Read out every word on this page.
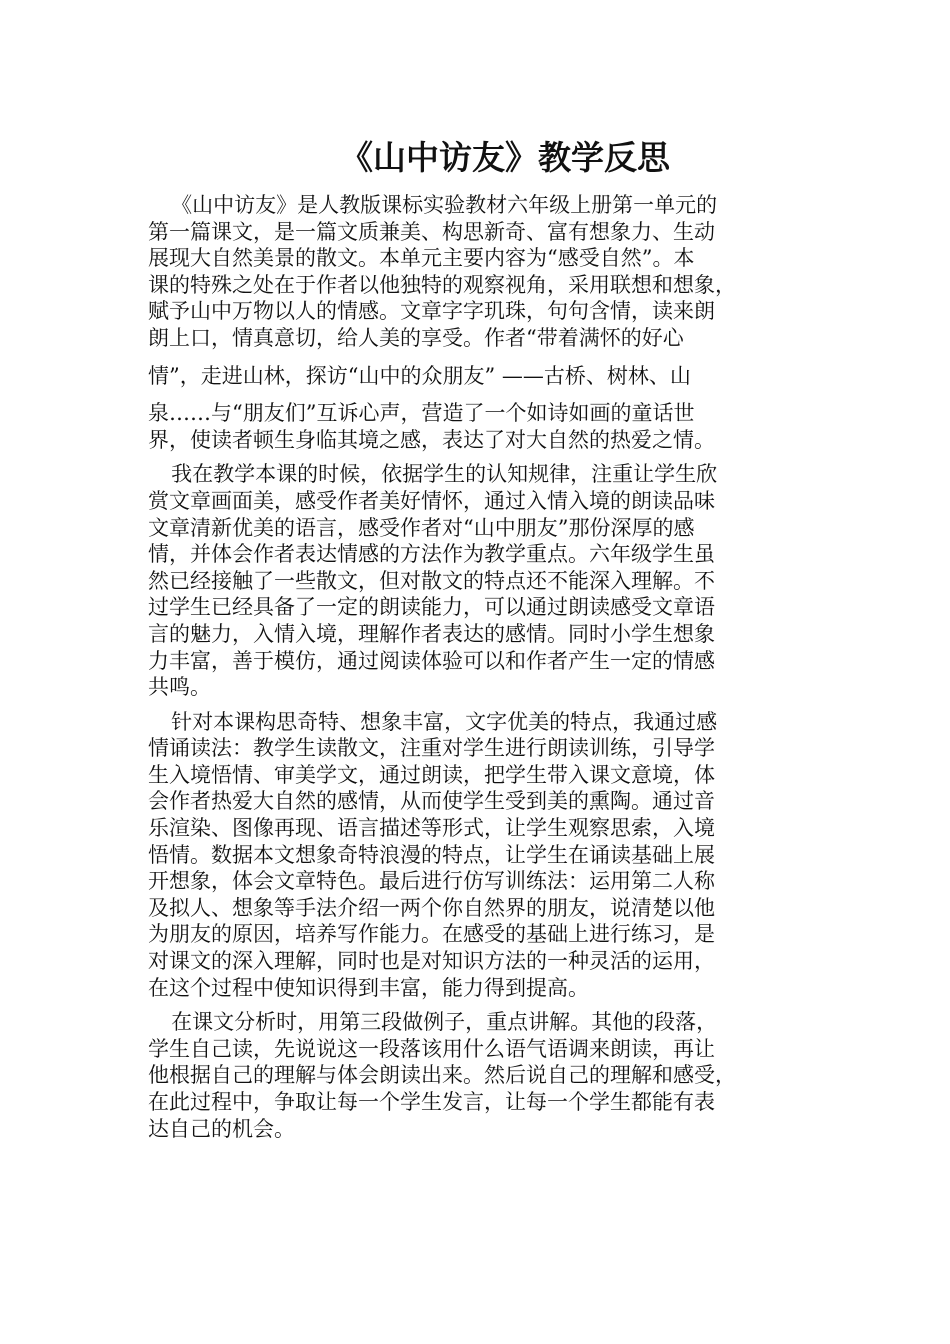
《山中访友》教学反思

《山中访友》是人教版课标实验教材六年级上册第一单元的
第一篇课文，是一篇文质兼美、构思新奇、富有想象力、生动
展现大自然美景的散文。本单元主要内容为“感受自然”。本
课的特殊之处在于作者以他独特的观察视角，采用联想和想象，
赋予山中万物以人的情感。文章字字玑珠，句句含情，读来朗
朗上口，情真意切，给人美的享受。作者“带着满怀的好心
情”，走进山林，探访“山中的众朋友” ——古桥、树林、山
泉……与“朋友们”互诉心声，营造了一个如诗如画的童话世
界，使读者顿生身临其境之感，表达了对大自然的热爱之情。

我在教学本课的时候，依据学生的认知规律，注重让学生欣
赏文章画面美，感受作者美好情怀，通过入情入境的朗读品味
文章清新优美的语言，感受作者对“山中朋友”那份深厚的感
情，并体会作者表达情感的方法作为教学重点。六年级学生虽
然已经接触了一些散文，但对散文的特点还不能深入理解。不
过学生已经具备了一定的朗读能力，可以通过朗读感受文章语
言的魅力，入情入境，理解作者表达的感情。同时小学生想象
力丰富，善于模仿，通过阅读体验可以和作者产生一定的情感
共鸣。

针对本课构思奇特、想象丰富，文字优美的特点，我通过感
情诵读法：教学生读散文，注重对学生进行朗读训练，引导学
生入境悟情、审美学文，通过朗读，把学生带入课文意境，体
会作者热爱大自然的感情，从而使学生受到美的熏陶。通过音
乐渲染、图像再现、语言描述等形式，让学生观察思索，入境
悟情。数据本文想象奇特浪漫的特点，让学生在诵读基础上展
开想象，体会文章特色。最后进行仿写训练法：运用第二人称
及拟人、想象等手法介绍一两个你自然界的朋友，说清楚以他
为朋友的原因，培养写作能力。在感受的基础上进行练习，是
对课文的深入理解，同时也是对知识方法的一种灵活的运用，
在这个过程中使知识得到丰富，能力得到提高。

在课文分析时，用第三段做例子，重点讲解。其他的段落，
学生自己读，先说说这一段落该用什么语气语调来朗读，再让
他根据自己的理解与体会朗读出来。然后说自己的理解和感受，
在此过程中，争取让每一个学生发言，让每一个学生都能有表
达自己的机会。
